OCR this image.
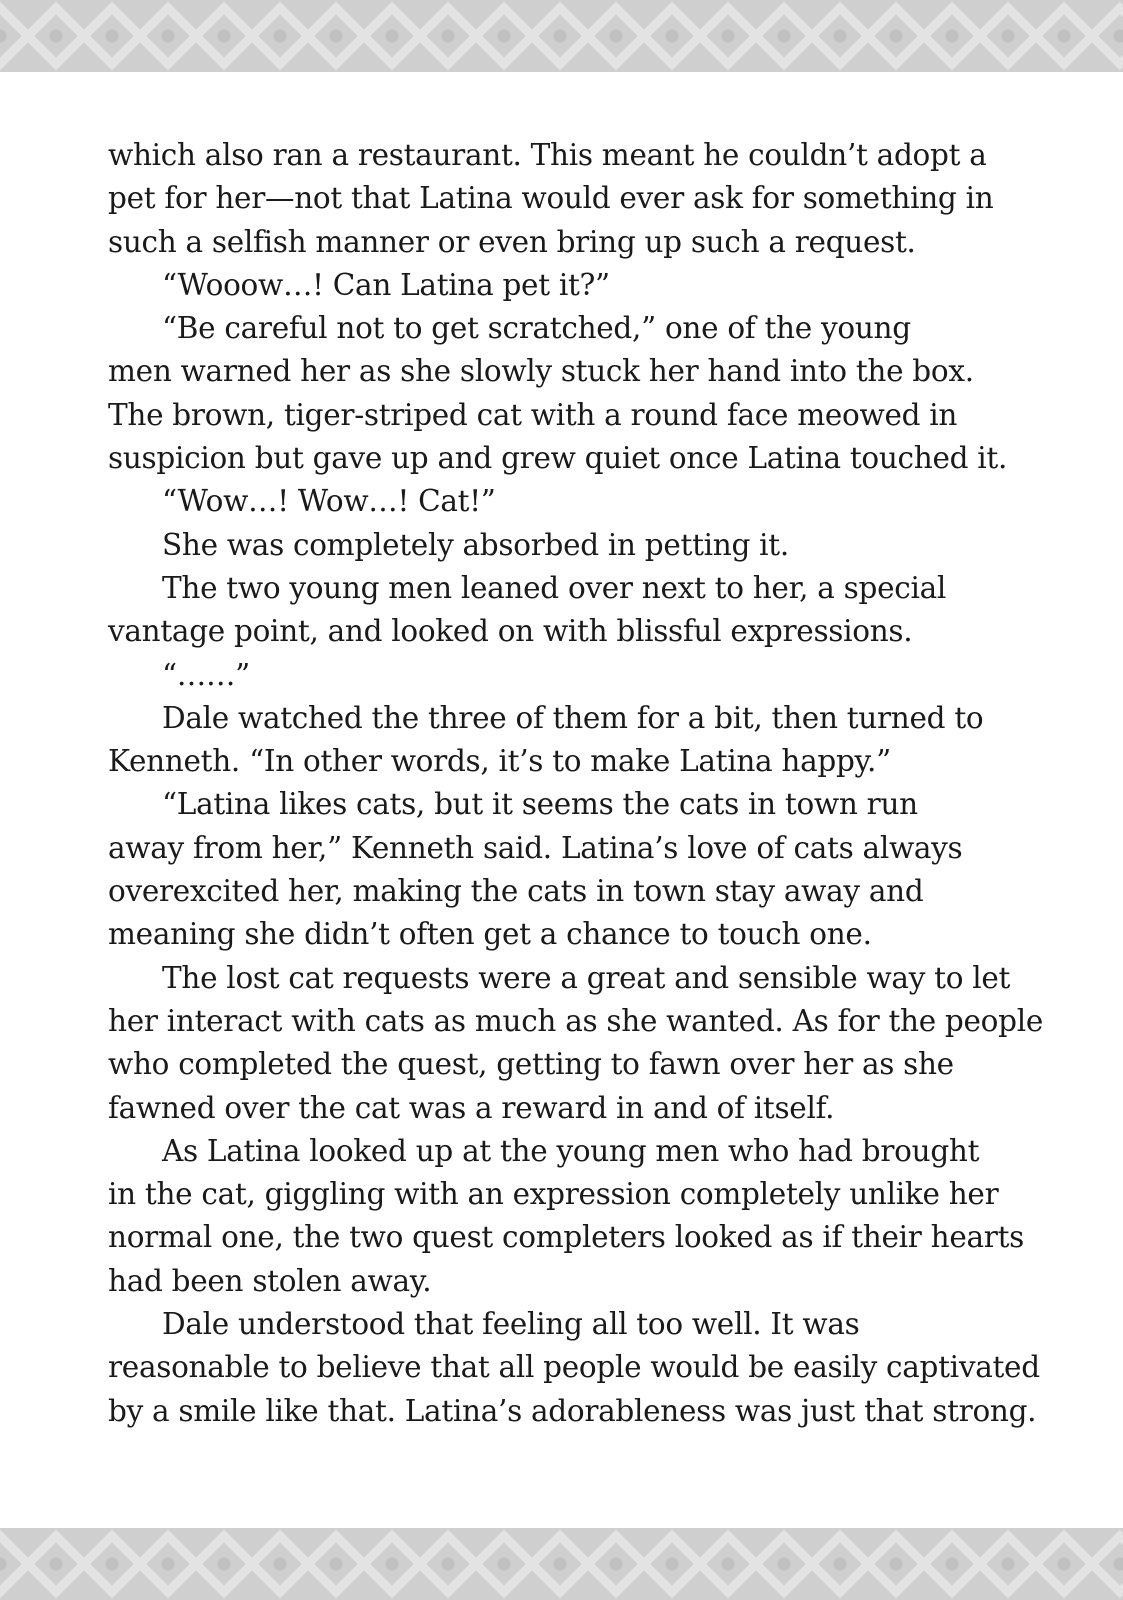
which also ran a restaurant. This meant he couldn’t adopt a
pet for her—not that Latina would ever ask for something in
such a selfish manner or even bring up such a request.
“Wooow…! Can Latina pet it?”
“Be careful not to get scratched,” one of the young
men warned her as she slowly stuck her hand into the box.
The brown, tiger-striped cat with a round face meowed in
suspicion but gave up and grew quiet once Latina touched it.
“Wow…! Wow…! Cat!”
She was completely absorbed in petting it.
The two young men leaned over next to her, a special
vantage point, and looked on with blissful expressions.
“……”
Dale watched the three of them for a bit, then turned to
Kenneth. “In other words, it’s to make Latina happy.”
“Latina likes cats, but it seems the cats in town run
away from her,” Kenneth said. Latina’s love of cats always
overexcited her, making the cats in town stay away and
meaning she didn’t often get a chance to touch one.
The lost cat requests were a great and sensible way to let
her interact with cats as much as she wanted. As for the people
who completed the quest, getting to fawn over her as she
fawned over the cat was a reward in and of itself.
As Latina looked up at the young men who had brought
in the cat, giggling with an expression completely unlike her
normal one, the two quest completers looked as if their hearts
had been stolen away.
Dale understood that feeling all too well. It was
reasonable to believe that all people would be easily captivated
by a smile like that. Latina’s adorableness was just that strong.
